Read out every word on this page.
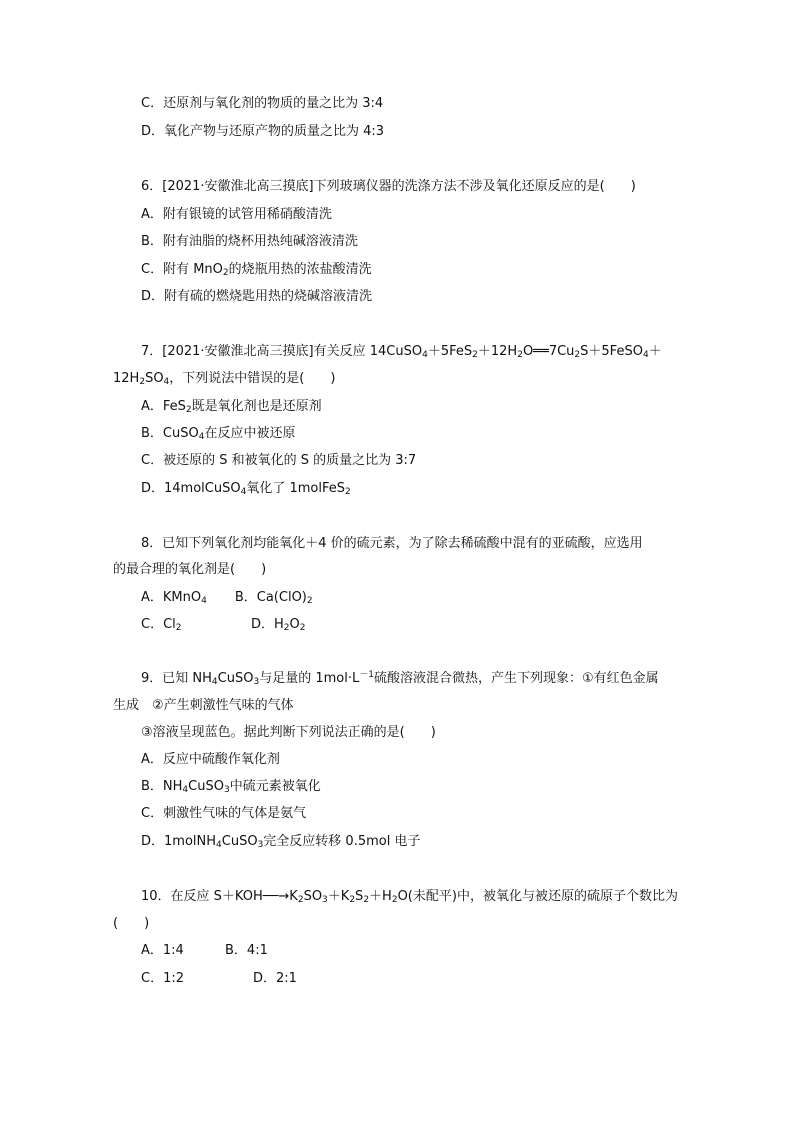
C．还原剂与氧化剂的物质的量之比为 3:4
D．氧化产物与还原产物的质量之比为 4:3
6．[2021·安徽淮北高三摸底]下列玻璃仪器的洗涤方法不涉及氧化还原反应的是(　　)
A．附有银镜的试管用稀硝酸清洗
B．附有油脂的烧杯用热纯碱溶液清洗
C．附有 MnO$_2$的烧瓶用热的浓盐酸清洗
D．附有硫的燃烧匙用热的烧碱溶液清洗
7．[2021·安徽淮北高三摸底]有关反应 $14CuSO_4+5FeS_2+12H_2O══7Cu_2S+5FeSO_4+$
$12H_2SO_4$，下列说法中错误的是(　　)
A．FeS$_2$既是氧化剂也是还原剂
B．CuSO$_4$在反应中被还原
C．被还原的 S 和被氧化的 S 的质量之比为 3:7
D．14molCuSO$_4$氧化了 1molFeS$_2$
8．已知下列氧化剂均能氧化＋4 价的硫元素，为了除去稀硫酸中混有的亚硫酸，应选用
的最合理的氧化剂是(　　)
A．KMnO$_4$ B．$Ca(ClO)_2$
C．$Cl_2$	D．$H_2O_2$
9．已知 $NH_4CuSO_3$与足量的 $1mol\cdot L^{-1}$硫酸溶液混合微热，产生下列现象：①有红色金属
生成　②产生刺激性气味的气体
③溶液呈现蓝色。据此判断下列说法正确的是(　　)
A．反应中硫酸作氧化剂
B．$NH_4CuSO_3$中硫元素被氧化
C．刺激性气味的气体是氨气
D．1molNH$_4$CuSO$_3$完全反应转移 0.5mol 电子
10．在反应 $S+KOH──\to K_2SO_3+K_2S_2+H_2O$(未配平)中，被氧化与被还原的硫原子个数比为
(　　)
A．1:4	B．4:1
C．1:2	D．2:1
